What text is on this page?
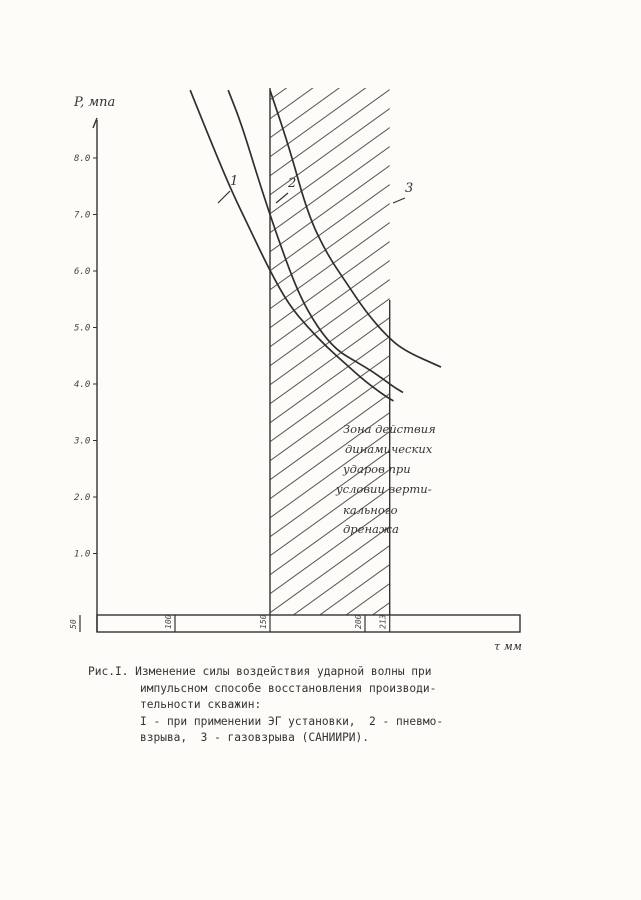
1.0
2.0
3.0
4.0
5.0
6.0
7.0
8.0
50	100	150	200 213
1	2	3
P, мпа
τ мм
Зона действия динамических ударов при условии верти-кального дренажа
Рис.I. Изменение силы воздействия ударной волны при
импульсном способе восстановления производи-
тельности скважин:
I - при применении ЭГ установки,  2 - пневмо-
взрыва,  3 - газовзрыва (САНИИРИ).
